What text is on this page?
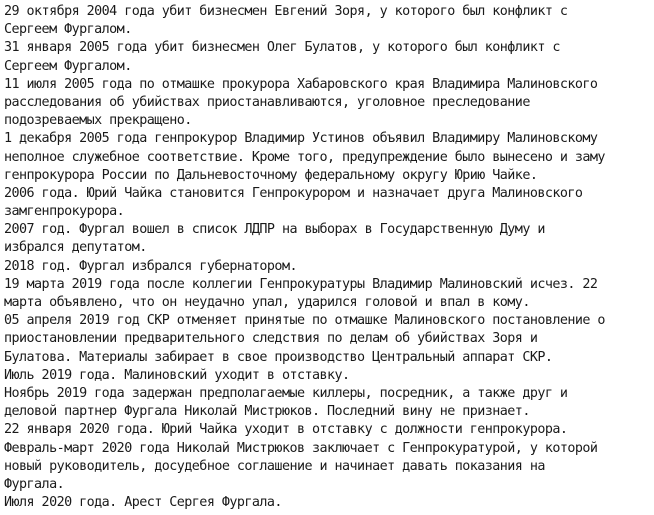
29 октября 2004 года убит бизнесмен Евгений Зоря, у которого был конфликт с
Сергеем Фургалом.
31 января 2005 года убит бизнесмен Олег Булатов, у которого был конфликт с
Сергеем Фургалом.
11 июля 2005 года по отмашке прокурора Хабаровского края Владимира Малиновского
расследования об убийствах приостанавливаются, уголовное преследование
подозреваемых прекращено.
1 декабря 2005 года генпрокурор Владимир Устинов объявил Владимиру Малиновскому
неполное служебное соответствие. Кроме того, предупреждение было вынесено и заму
генпрокурора России по Дальневосточному федеральному округу Юрию Чайке.
2006 года. Юрий Чайка становится Генпрокурором и назначает друга Малиновского
замгенпрокурора.
2007 год. Фургал вошел в список ЛДПР на выборах в Государственную Думу и
избрался депутатом.
2018 год. Фургал избрался губернатором.
19 марта 2019 года после коллегии Генпрокуратуры Владимир Малиновский исчез. 22
марта объявлено, что он неудачно упал, ударился головой и впал в кому.
05 апреля 2019 год СКР отменяет принятые по отмашке Малиновского постановление о
приостановлении предварительного следствия по делам об убийствах Зоря и
Булатова. Материалы забирает в свое производство Центральный аппарат СКР.
Июль 2019 года. Малиновский уходит в отставку.
Ноябрь 2019 года задержан предполагаемые киллеры, посредник, а также друг и
деловой партнер Фургала Николай Мистрюков. Последний вину не признает.
22 января 2020 года. Юрий Чайка уходит в отставку с должности генпрокурора.
Февраль-март 2020 года Николай Мистрюков заключает с Генпрокуратурой, у которой
новый руководитель, досудебное соглашение и начинает давать показания на
Фургала.
Июля 2020 года. Арест Сергея Фургала.
